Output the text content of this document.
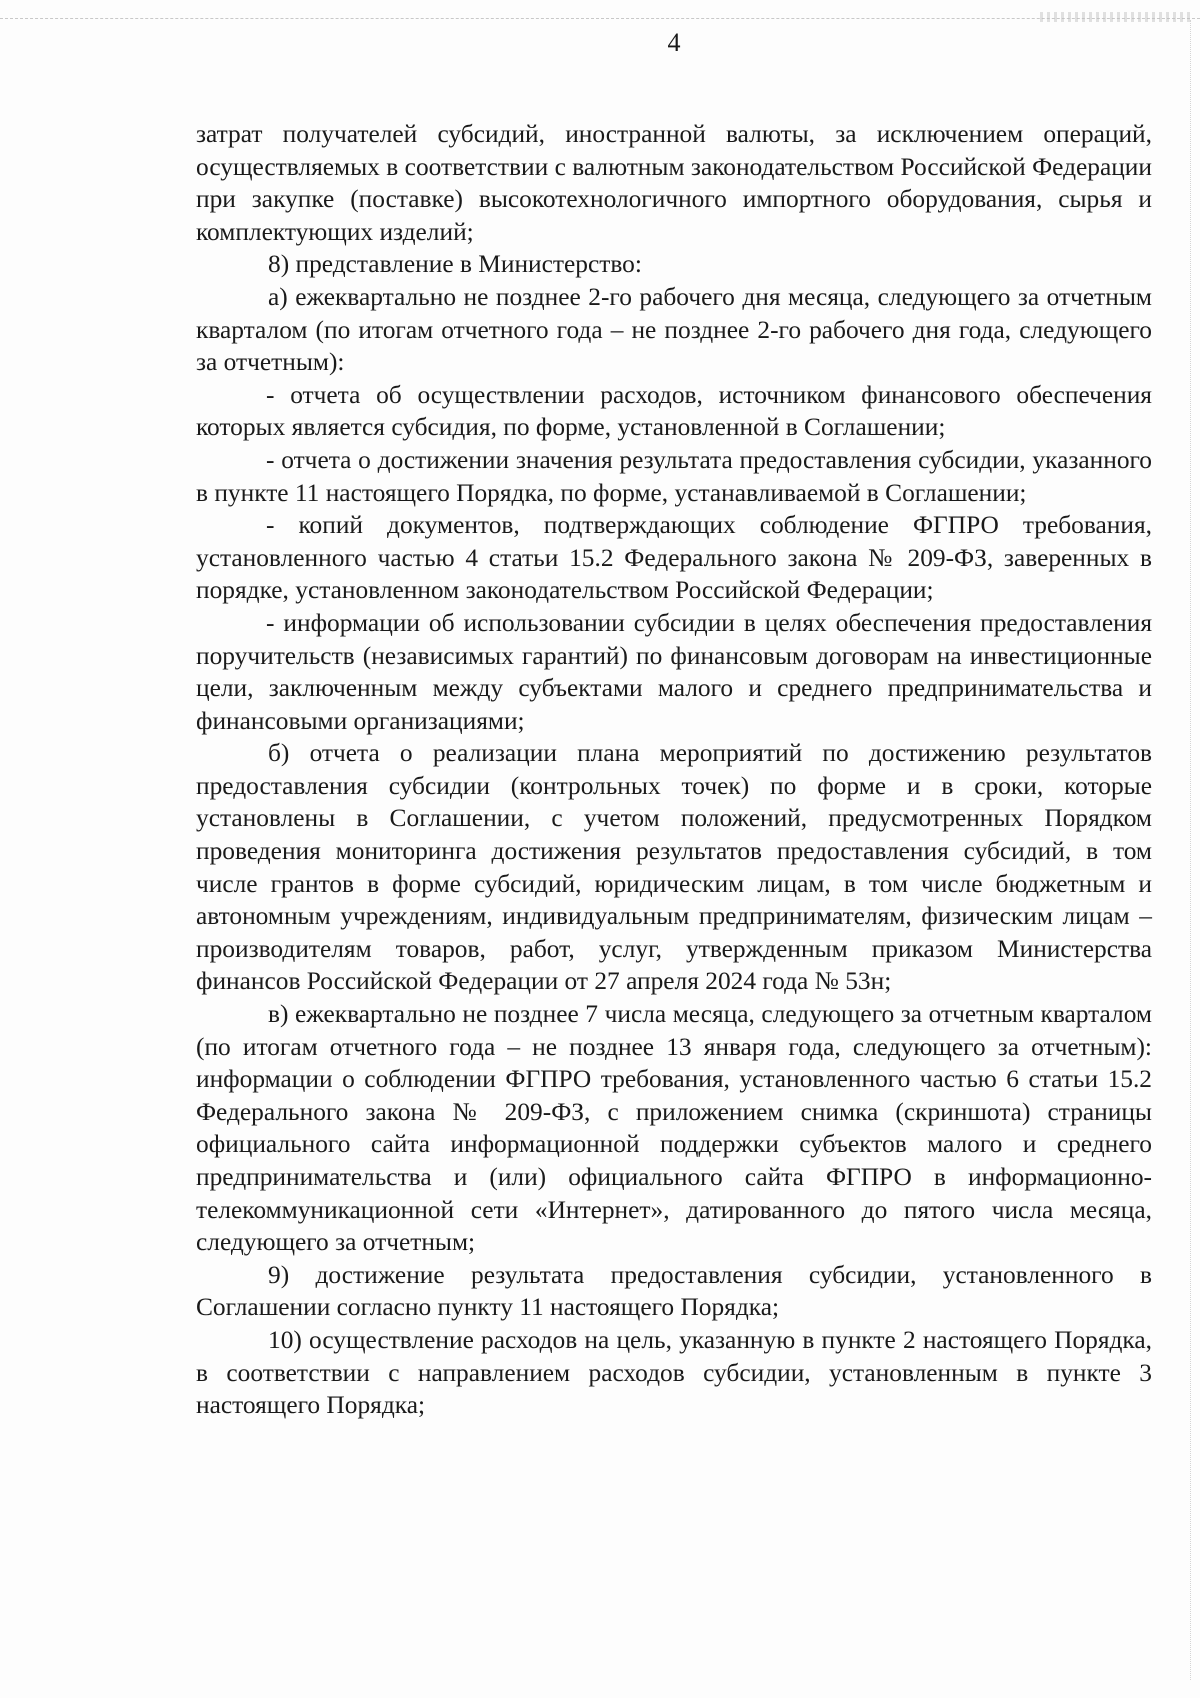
4

затрат получателей субсидий, иностранной валюты, за исключением операций, осуществляемых в соответствии с валютным законодательством Российской Федерации при закупке (поставке) высокотехнологичного импортного оборудования, сырья и комплектующих изделий;

8) представление в Министерство:

а) ежеквартально не позднее 2-го рабочего дня месяца, следующего за отчетным кварталом (по итогам отчетного года – не позднее 2-го рабочего дня года, следующего за отчетным):

- отчета об осуществлении расходов, источником финансового обеспечения которых является субсидия, по форме, установленной в Соглашении;

- отчета о достижении значения результата предоставления субсидии, указанного в пункте 11 настоящего Порядка, по форме, устанавливаемой в Соглашении;

- копий документов, подтверждающих соблюдение ФГПРО требования, установленного частью 4 статьи 15.2 Федерального закона № 209-ФЗ, заверенных в порядке, установленном законодательством Российской Федерации;

- информации об использовании субсидии в целях обеспечения предоставления поручительств (независимых гарантий) по финансовым договорам на инвестиционные цели, заключенным между субъектами малого и среднего предпринимательства и финансовыми организациями;

б) отчета о реализации плана мероприятий по достижению результатов предоставления субсидии (контрольных точек) по форме и в сроки, которые установлены в Соглашении, с учетом положений, предусмотренных Порядком проведения мониторинга достижения результатов предоставления субсидий, в том числе грантов в форме субсидий, юридическим лицам, в том числе бюджетным и автономным учреждениям, индивидуальным предпринимателям, физическим лицам – производителям товаров, работ, услуг, утвержденным приказом Министерства финансов Российской Федерации от 27 апреля 2024 года № 53н;

в) ежеквартально не позднее 7 числа месяца, следующего за отчетным кварталом (по итогам отчетного года – не позднее 13 января года, следующего за отчетным): информации о соблюдении ФГПРО требования, установленного частью 6 статьи 15.2 Федерального закона № 209-ФЗ, с приложением снимка (скриншота) страницы официального сайта информационной поддержки субъектов малого и среднего предпринимательства и (или) официального сайта ФГПРО в информационно-телекоммуникационной сети «Интернет», датированного до пятого числа месяца, следующего за отчетным;

9) достижение результата предоставления субсидии, установленного в Соглашении согласно пункту 11 настоящего Порядка;

10) осуществление расходов на цель, указанную в пункте 2 настоящего Порядка, в соответствии с направлением расходов субсидии, установленным в пункте 3 настоящего Порядка;
